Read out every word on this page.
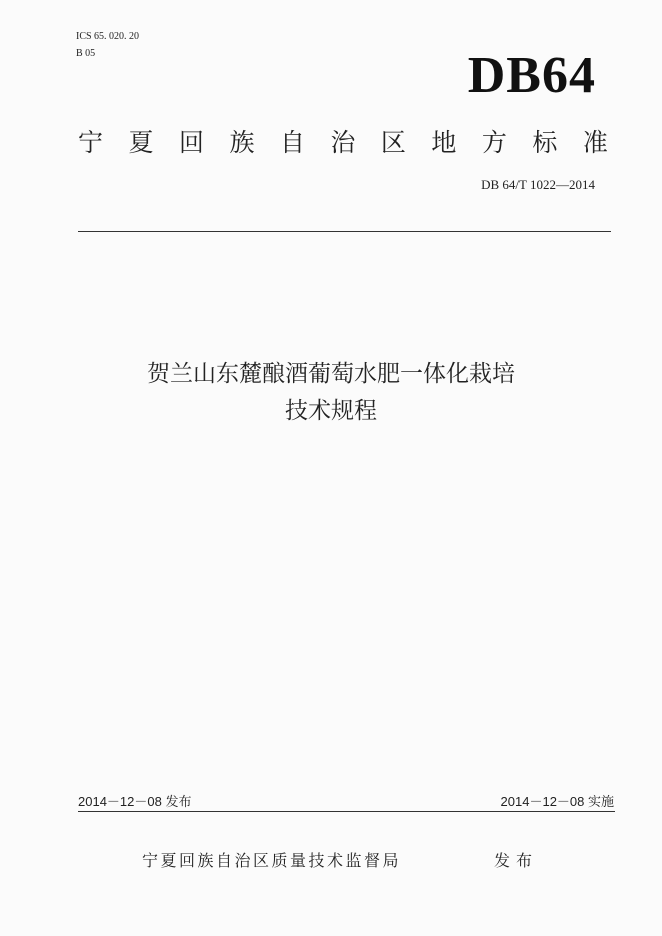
ICS 65. 020. 20
B 05	DB64
宁 夏 回 族 自 治 区 地 方 标 准
DB 64/T 1022—2014
贺兰山东麓酿酒葡萄水肥一体化栽培
技术规程
2014－12－08 发布	2014－12－08 实施
宁夏回族自治区质量技术监督局	发布
